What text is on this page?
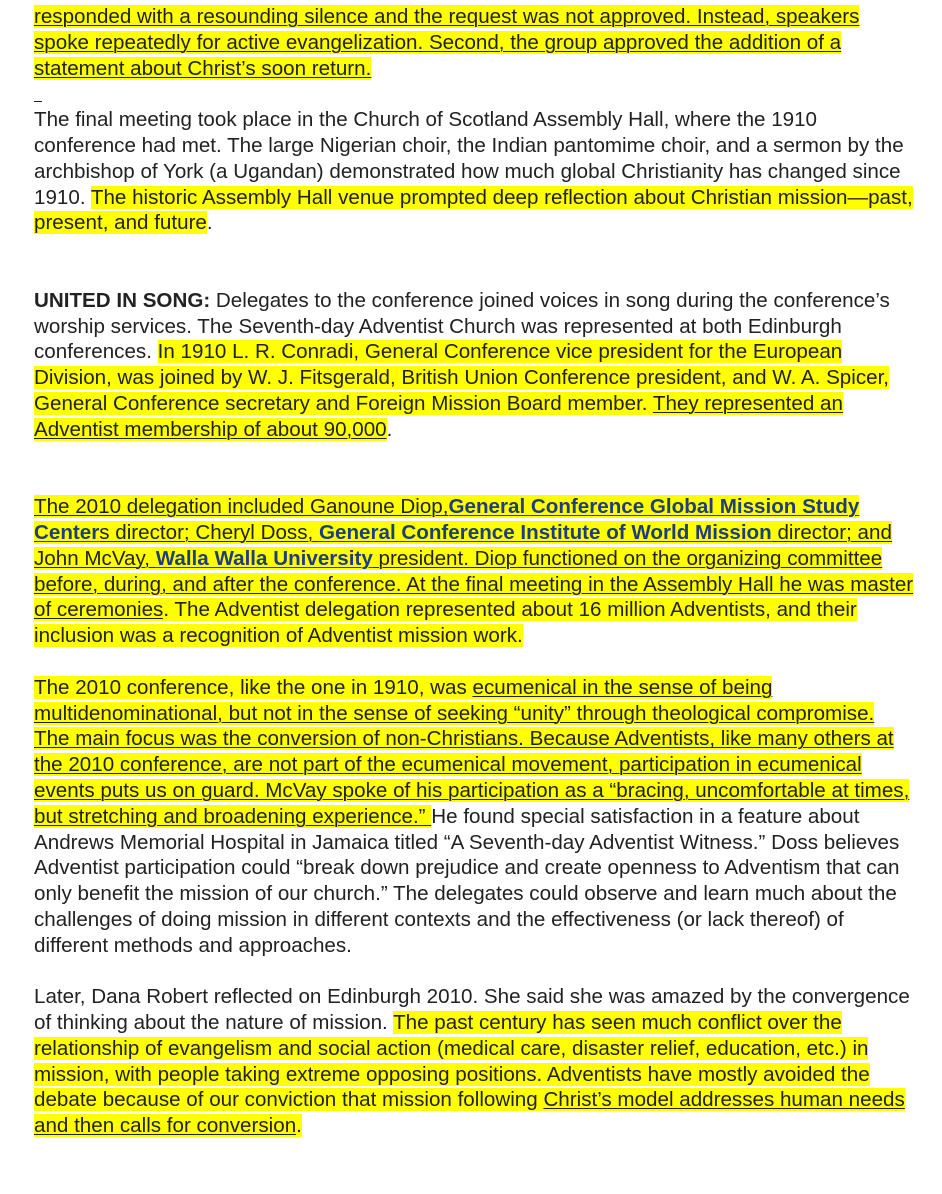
responded with a resounding silence and the request was not approved. Instead, speakers spoke repeatedly for active evangelization. Second, the group approved the addition of a statement about Christ’s soon return.

The final meeting took place in the Church of Scotland Assembly Hall, where the 1910 conference had met. The large Nigerian choir, the Indian pantomime choir, and a sermon by the archbishop of York (a Ugandan) demonstrated how much global Christianity has changed since 1910. The historic Assembly Hall venue prompted deep reflection about Christian mission—past, present, and future.

UNITED IN SONG: Delegates to the conference joined voices in song during the conference’s worship services. The Seventh-day Adventist Church was represented at both Edinburgh conferences. In 1910 L. R. Conradi, General Conference vice president for the European Division, was joined by W. J. Fitsgerald, British Union Conference president, and W. A. Spicer, General Conference secretary and Foreign Mission Board member. They represented an Adventist membership of about 90,000.

The 2010 delegation included Ganoune Diop,General Conference Global Mission Study Centers director; Cheryl Doss, General Conference Institute of World Mission director; and John McVay, Walla Walla University president. Diop functioned on the organizing committee before, during, and after the conference. At the final meeting in the Assembly Hall he was master of ceremonies. The Adventist delegation represented about 16 million Adventists, and their inclusion was a recognition of Adventist mission work.

The 2010 conference, like the one in 1910, was ecumenical in the sense of being multidenominational, but not in the sense of seeking “unity” through theological compromise. The main focus was the conversion of non-Christians. Because Adventists, like many others at the 2010 conference, are not part of the ecumenical movement, participation in ecumenical events puts us on guard. McVay spoke of his participation as a “bracing, uncomfortable at times, but stretching and broadening experience.” He found special satisfaction in a feature about Andrews Memorial Hospital in Jamaica titled “A Seventh-day Adventist Witness.” Doss believes Adventist participation could “break down prejudice and create openness to Adventism that can only benefit the mission of our church.” The delegates could observe and learn much about the challenges of doing mission in different contexts and the effectiveness (or lack thereof) of different methods and approaches.

Later, Dana Robert reflected on Edinburgh 2010. She said she was amazed by the convergence of thinking about the nature of mission. The past century has seen much conflict over the relationship of evangelism and social action (medical care, disaster relief, education, etc.) in mission, with people taking extreme opposing positions. Adventists have mostly avoided the debate because of our conviction that mission following Christ’s model addresses human needs and then calls for conversion.
